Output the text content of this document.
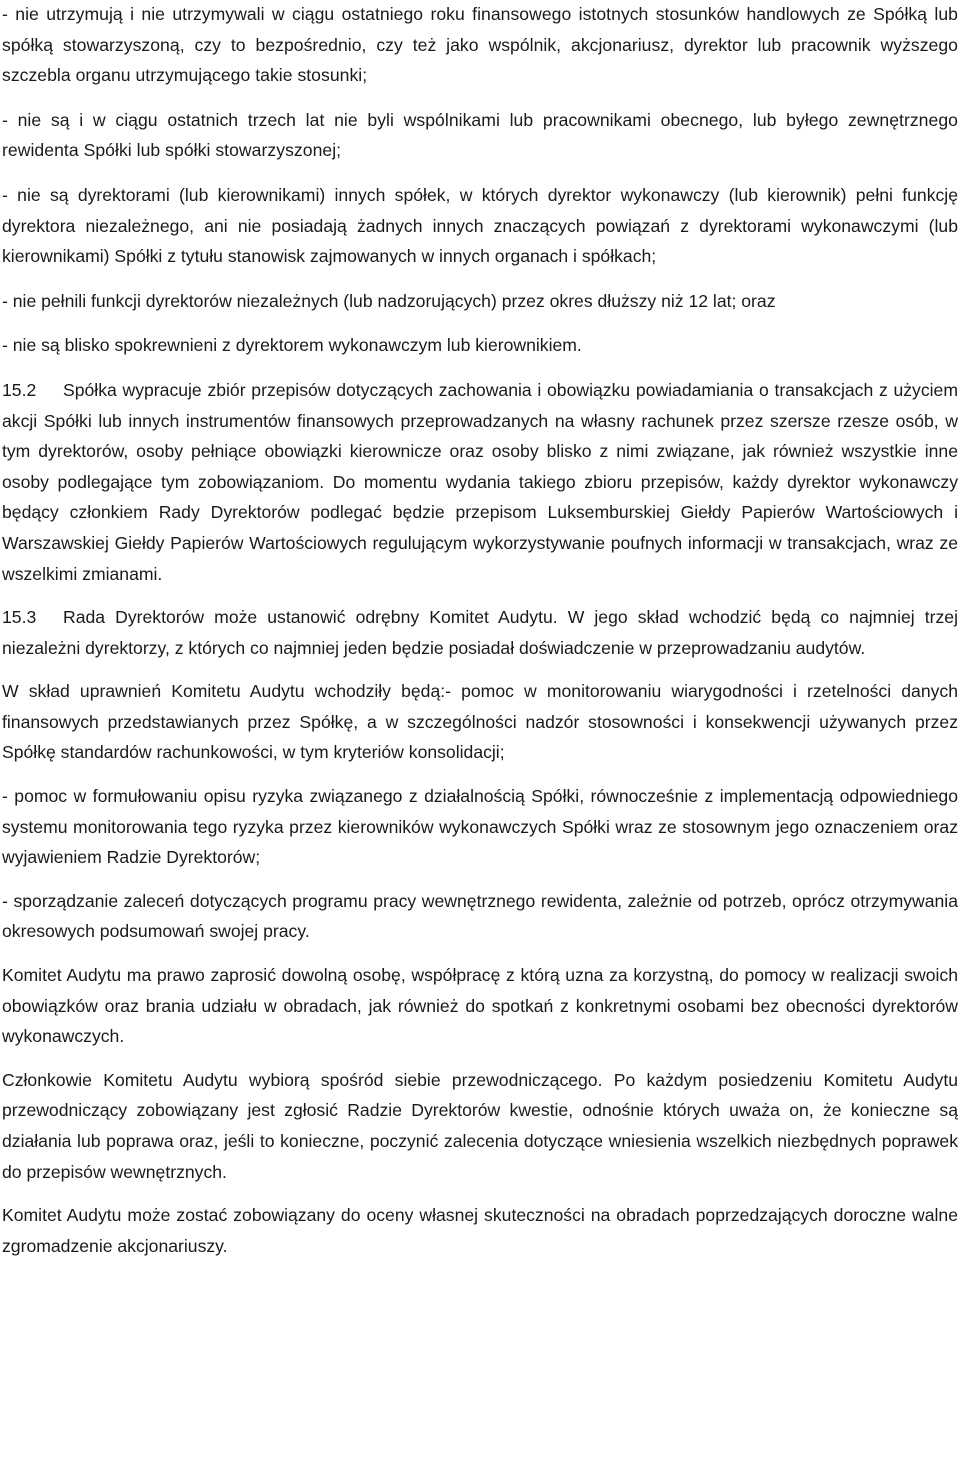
- nie utrzymują i nie utrzymywali w ciągu ostatniego roku finansowego istotnych stosunków handlowych ze Spółką lub spółką stowarzyszoną, czy to bezpośrednio, czy też jako wspólnik, akcjonariusz, dyrektor lub pracownik wyższego szczebla organu utrzymującego takie stosunki;

- nie są i w ciągu ostatnich trzech lat nie byli wspólnikami lub pracownikami obecnego, lub byłego zewnętrznego rewidenta Spółki lub spółki stowarzyszonej;

- nie są dyrektorami (lub kierownikami) innych spółek, w których dyrektor wykonawczy (lub kierownik) pełni funkcję dyrektora niezależnego, ani nie posiadają żadnych innych znaczących powiązań z dyrektorami wykonawczymi (lub kierownikami) Spółki z tytułu stanowisk zajmowanych w innych organach i spółkach;

- nie pełnili funkcji dyrektorów niezależnych (lub nadzorujących) przez okres dłuższy niż 12 lat; oraz

- nie są blisko spokrewnieni z dyrektorem wykonawczym lub kierownikiem.

15.2 Spółka wypracuje zbiór przepisów dotyczących zachowania i obowiązku powiadamiania o transakcjach z użyciem akcji Spółki lub innych instrumentów finansowych przeprowadzanych na własny rachunek przez szersze rzesze osób, w tym dyrektorów, osoby pełniące obowiązki kierownicze oraz osoby blisko z nimi związane, jak również wszystkie inne osoby podlegające tym zobowiązaniom. Do momentu wydania takiego zbioru przepisów, każdy dyrektor wykonawczy będący członkiem Rady Dyrektorów podlegać będzie przepisom Luksemburskiej Giełdy Papierów Wartościowych i Warszawskiej Giełdy Papierów Wartościowych regulującym wykorzystywanie poufnych informacji w transakcjach, wraz ze wszelkimi zmianami.

15.3 Rada Dyrektorów może ustanowić odrębny Komitet Audytu. W jego skład wchodzić będą co najmniej trzej niezależni dyrektorzy, z których co najmniej jeden będzie posiadał doświadczenie w przeprowadzaniu audytów.

W skład uprawnień Komitetu Audytu wchodziły będą:- pomoc w monitorowaniu wiarygodności i rzetelności danych finansowych przedstawianych przez Spółkę, a w szczególności nadzór stosowności i konsekwencji używanych przez Spółkę standardów rachunkowości, w tym kryteriów konsolidacji;

- pomoc w formułowaniu opisu ryzyka związanego z działalnością Spółki, równocześnie z implementacją odpowiedniego systemu monitorowania tego ryzyka przez kierowników wykonawczych Spółki wraz ze stosownym jego oznaczeniem oraz wyjawieniem Radzie Dyrektorów;

- sporządzanie zaleceń dotyczących programu pracy wewnętrznego rewidenta, zależnie od potrzeb, oprócz otrzymywania okresowych podsumowań swojej pracy.

Komitet Audytu ma prawo zaprosić dowolną osobę, współpracę z którą uzna za korzystną, do pomocy w realizacji swoich obowiązków oraz brania udziału w obradach, jak również do spotkań z konkretnymi osobami bez obecności dyrektorów wykonawczych.

Członkowie Komitetu Audytu wybiorą spośród siebie przewodniczącego. Po każdym posiedzeniu Komitetu Audytu przewodniczący zobowiązany jest zgłosić Radzie Dyrektorów kwestie, odnośnie których uważa on, że konieczne są działania lub poprawa oraz, jeśli to konieczne, poczynić zalecenia dotyczące wniesienia wszelkich niezbędnych poprawek do przepisów wewnętrznych.

Komitet Audytu może zostać zobowiązany do oceny własnej skuteczności na obradach poprzedzających doroczne walne zgromadzenie akcjonariuszy.
